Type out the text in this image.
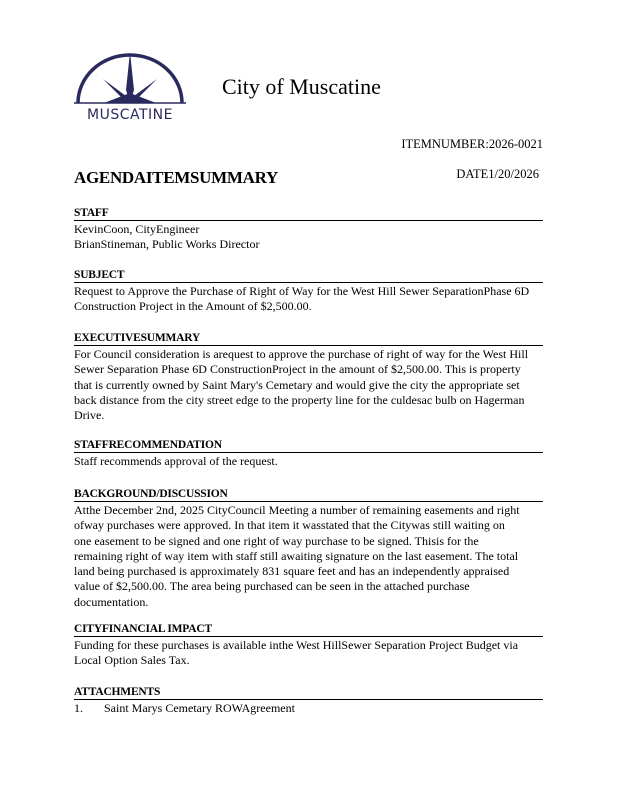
MUSCATINE
City of Muscatine
ITEMNUMBER:2026-0021
DATE1/20/2026
AGENDAITEMSUMMARY
STAFF
KevinCoon, CityEngineer
BrianStineman, Public Works Director
SUBJECT
Request to Approve the Purchase of Right of Way for the West Hill Sewer SeparationPhase 6D
Construction Project in the Amount of $2,500.00.
EXECUTIVESUMMARY
For Council consideration is arequest to approve the purchase of right of way for the West Hill
Sewer Separation Phase 6D ConstructionProject in the amount of $2,500.00. This is property
that is currently owned by Saint Mary's Cemetary and would give the city the appropriate set
back distance from the city street edge to the property line for the culdesac bulb on Hagerman
Drive.
STAFFRECOMMENDATION
Staff recommends approval of the request.
BACKGROUND/DISCUSSION
Atthe December 2nd, 2025 CityCouncil Meeting a number of remaining easements and right
ofway purchases were approved. In that item it wasstated that the Citywas still waiting on
one easement to be signed and one right of way purchase to be signed. Thisis for the
remaining right of way item with staff still awaiting signature on the last easement. The total
land being purchased is approximately 831 square feet and has an independently appraised
value of $2,500.00. The area being purchased can be seen in the attached purchase
documentation.
CITYFINANCIAL IMPACT
Funding for these purchases is available inthe West HillSewer Separation Project Budget via
Local Option Sales Tax.
ATTACHMENTS
1. Saint Marys Cemetary ROWAgreement
